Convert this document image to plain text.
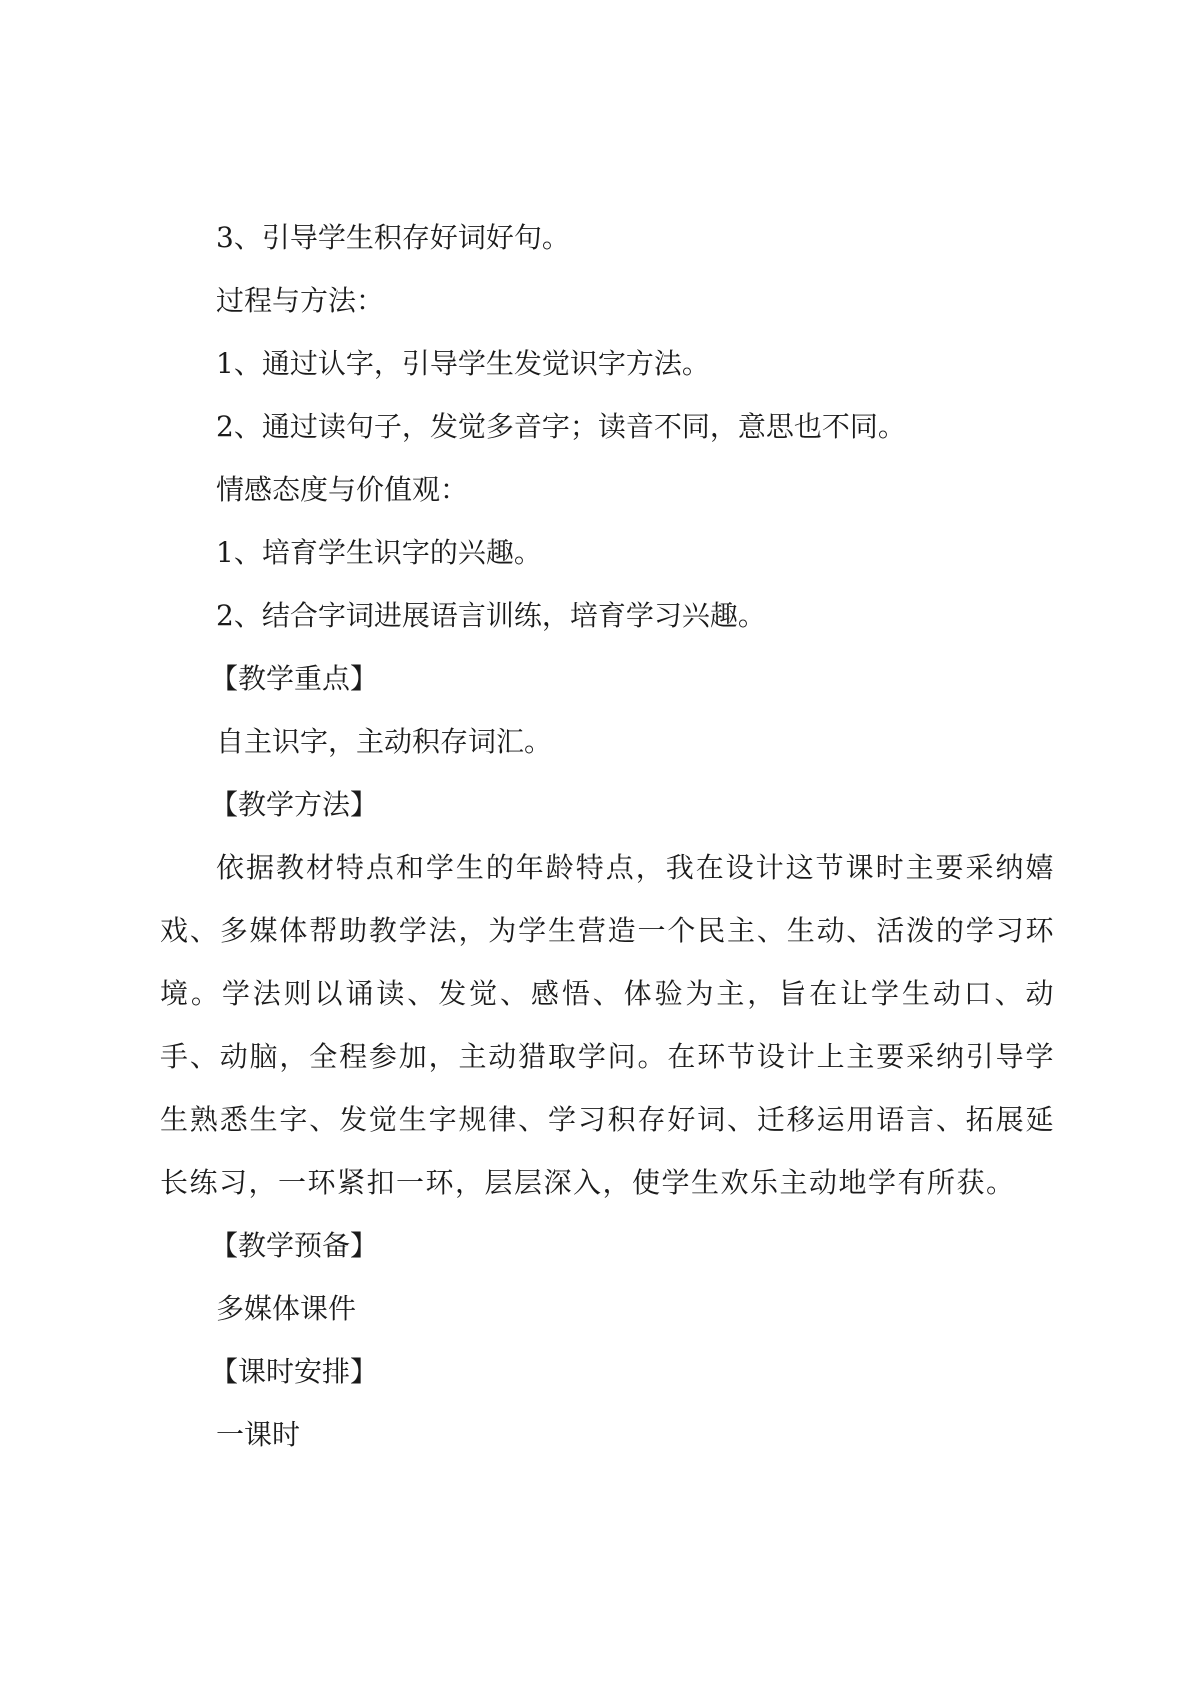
3、引导学生积存好词好句。

过程与方法：

1、通过认字，引导学生发觉识字方法。

2、通过读句子，发觉多音字；读音不同，意思也不同。

情感态度与价值观：

1、培育学生识字的兴趣。

2、结合字词进展语言训练，培育学习兴趣。

【教学重点】

自主识字，主动积存词汇。

【教学方法】

依据教材特点和学生的年龄特点，我在设计这节课时主要采纳嬉戏、多媒体帮助教学法，为学生营造一个民主、生动、活泼的学习环境。学法则以诵读、发觉、感悟、体验为主，旨在让学生动口、动手、动脑，全程参加，主动猎取学问。在环节设计上主要采纳引导学生熟悉生字、发觉生字规律、学习积存好词、迁移运用语言、拓展延长练习，一环紧扣一环，层层深入，使学生欢乐主动地学有所获。

【教学预备】

多媒体课件

【课时安排】

一课时
